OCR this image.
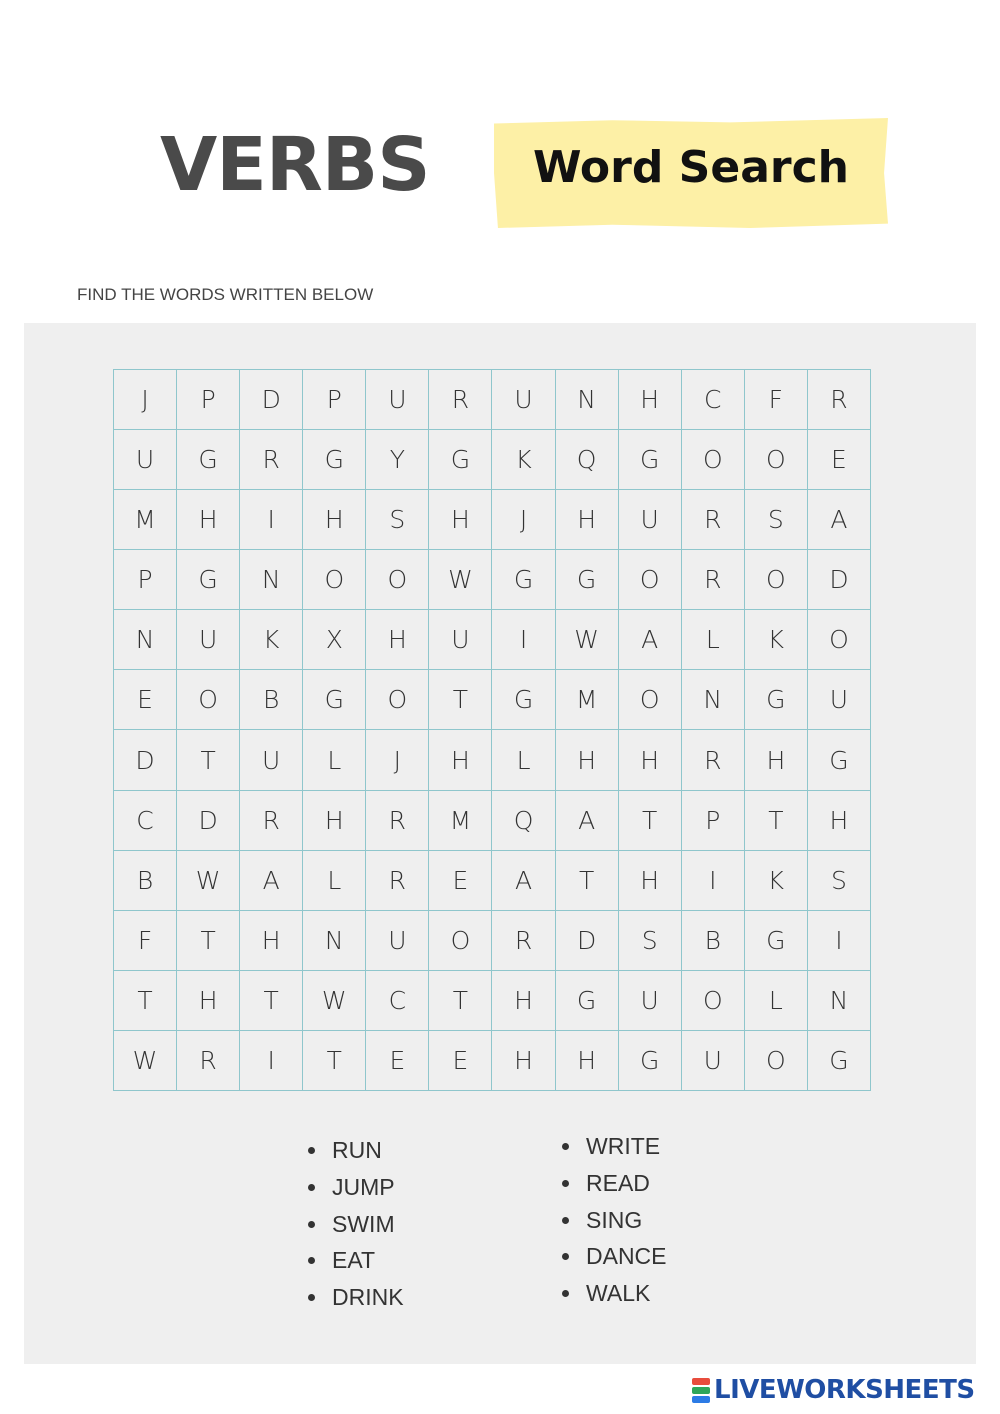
VERBS	Word Search
FIND THE WORDS WRITTEN BELOW
J	P	D	P	U	R	U	N	H	C	F	R
U	G	R	G	Y	G	K	Q	G	O	O	E
M	H	I	H	S	H	J	H	U	R	S	A
P	G	N	O	O	W	G	G	O	R	O	D
N	U	K	X	H	U	I	W	A	L	K	O
E	O	B	G	O	T	G	M	O	N	G	U
D	T	U	L	J	H	L	H	H	R	H	G
C	D	R	H	R	M	Q	A	T	P	T	H
B	W	A	L	R	E	A	T	H	I	K	S
F	T	H	N	U	O	R	D	S	B	G	I
T	H	T	W	C	T	H	G	U	O	L	N
W	R	I	T	E	E	H	H	G	U	O	G
RUN
JUMP
SWIM
EAT
DRINK
WRITE
READ
SING
DANCE
WALK
LIVEWORKSHEETS
